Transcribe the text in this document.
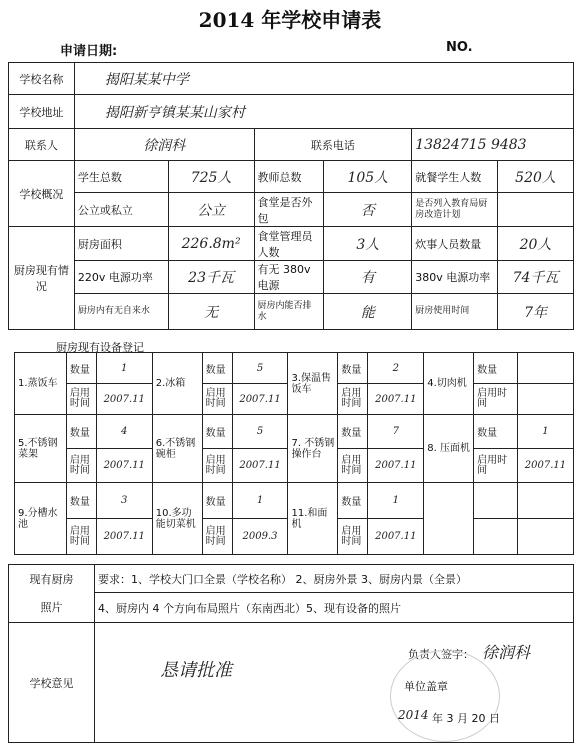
2014 年学校申请表
申请日期:	NO.
学校名称	揭阳某某中学					
学校地址	揭阳新亨镇某某山家村					
联系人	徐润科		联系电话		13824715 9483	
学校概况	学生总数	725人	教师总数	105人	就餐学生人数	520人
	公立或私立	公立	食堂是否外包	否	是否列入教育局厨房改造计划	
厨房现有情况	厨房面积	226.8m²	食堂管理员人数	3人	炊事人员数量	20人
	220v 电源功率	23千瓦	有无 380v 电源	有	380v 电源功率	74千瓦
	厨房内有无自来水	无	厨房内能否排水	能	厨房使用时间	7年
厨房现有设备登记
1.蒸饭车	数量	1	2.冰箱	数量	5	3.保温售饭车	数量	2	4.切肉机	数量	
	启用时间	2007.11		启用时间	2007.11		启用时间	2007.11		启用时间	
5.不锈钢菜架	数量	4	6.不锈钢碗柜	数量	5	7. 不锈钢操作台	数量	7	8. 压面机	数量	1
	启用时间	2007.11		启用时间	2007.11		启用时间	2007.11		启用时间	2007.11
9.分槽水池	数量	3	10.多功能切菜机	数量	1	11.和面机	数量	1			
	启用时间	2007.11		启用时间	2009.3		启用时间	2007.11			
现有厨房	要求：1、学校大门口全景（学校名称） 2、厨房外景 3、厨房内景（全景）
照片	4、厨房内 4 个方向布局照片（东南西北）5、现有设备的照片
学校意见	
恳请批准
负责人签字： 徐润科
单位盖章
2014 年 3 月 20 日
